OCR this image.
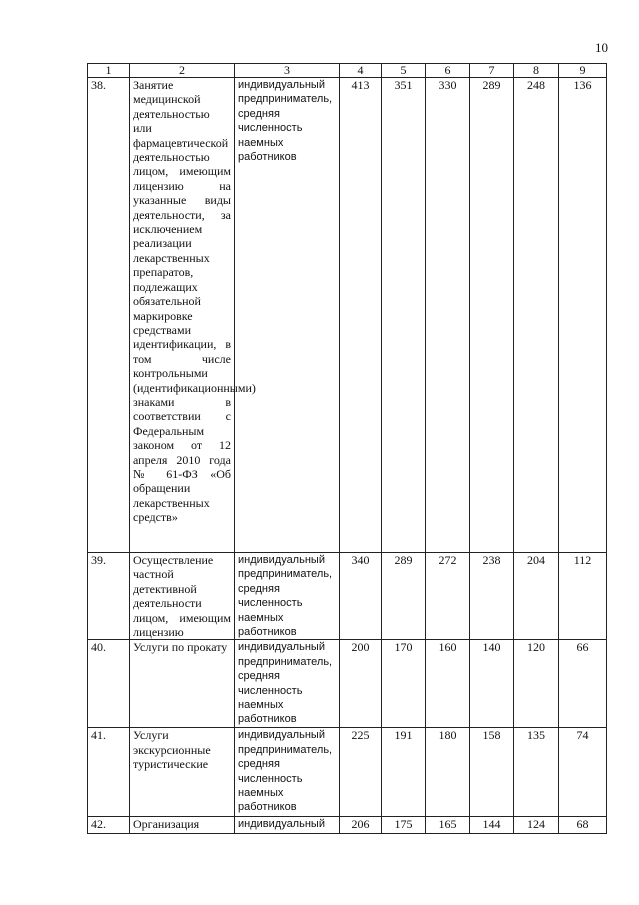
10
1	2	3	4	5	6	7	8	9
38.	Занятие медицинской деятельностью или фармацевтической деятельностью лицом, имеющим лицензию на указанные виды деятельности, за исключением реализации лекарственных препаратов, подлежащих обязательной маркировке средствами идентификации, в том числе контрольными (идентификационными) знаками в соответствии с Федеральным законом от 12 апреля 2010 года № 61-ФЗ «Об обращении лекарственных средств»	индивидуальный предприниматель, средняя численность наемных работников	413	351	330	289	248	136
39.	Осуществление частной детективной деятельности лицом, имеющим лицензию	индивидуальный предприниматель, средняя численность наемных работников	340	289	272	238	204	112
40.	Услуги по прокату	индивидуальный предприниматель, средняя численность наемных работников	200	170	160	140	120	66
41.	Услуги экскурсионные туристические	индивидуальный предприниматель, средняя численность наемных работников	225	191	180	158	135	74
42.	Организация	индивидуальный	206	175	165	144	124	68
